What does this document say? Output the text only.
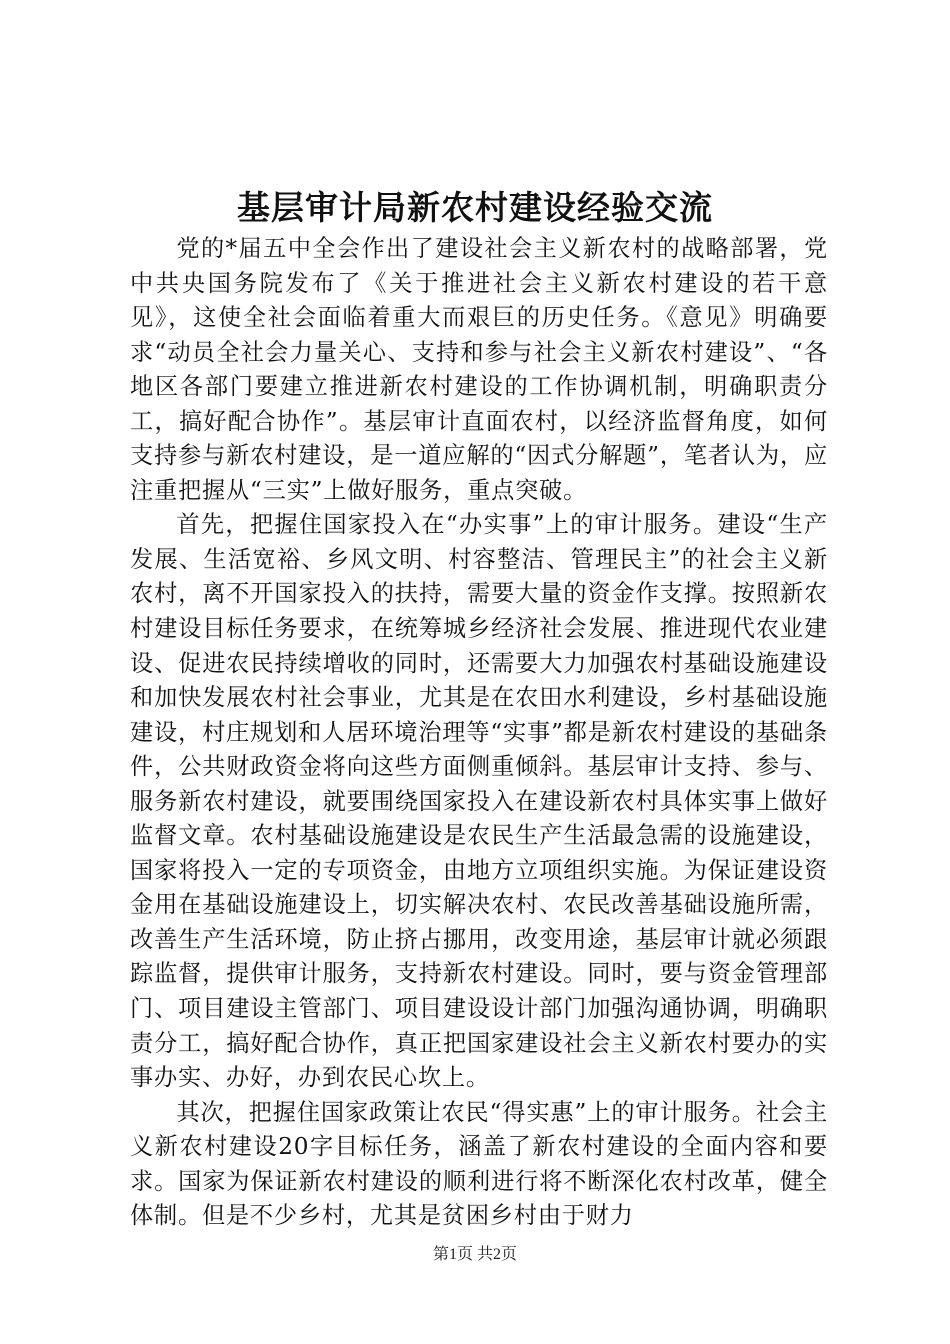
基层审计局新农村建设经验交流

党的*届五中全会作出了建设社会主义新农村的战略部署，党中共央国务院发布了《关于推进社会主义新农村建设的若干意见》，这使全社会面临着重大而艰巨的历史任务。《意见》明确要求“动员全社会力量关心、支持和参与社会主义新农村建设”、“各地区各部门要建立推进新农村建设的工作协调机制，明确职责分工，搞好配合协作”。基层审计直面农村，以经济监督角度，如何支持参与新农村建设，是一道应解的“因式分解题”，笔者认为，应注重把握从“三实”上做好服务，重点突破。

首先，把握住国家投入在“办实事”上的审计服务。建设“生产发展、生活宽裕、乡风文明、村容整洁、管理民主”的社会主义新农村，离不开国家投入的扶持，需要大量的资金作支撑。按照新农村建设目标任务要求，在统筹城乡经济社会发展、推进现代农业建设、促进农民持续增收的同时，还需要大力加强农村基础设施建设和加快发展农村社会事业，尤其是在农田水利建设，乡村基础设施建设，村庄规划和人居环境治理等“实事”都是新农村建设的基础条件，公共财政资金将向这些方面侧重倾斜。基层审计支持、参与、服务新农村建设，就要围绕国家投入在建设新农村具体实事上做好监督文章。农村基础设施建设是农民生产生活最急需的设施建设，国家将投入一定的专项资金，由地方立项组织实施。为保证建设资金用在基础设施建设上，切实解决农村、农民改善基础设施所需，改善生产生活环境，防止挤占挪用，改变用途，基层审计就必须跟踪监督，提供审计服务，支持新农村建设。同时，要与资金管理部门、项目建设主管部门、项目建设设计部门加强沟通协调，明确职责分工，搞好配合协作，真正把国家建设社会主义新农村要办的实事办实、办好，办到农民心坎上。

其次，把握住国家政策让农民“得实惠”上的审计服务。社会主义新农村建设20字目标任务，涵盖了新农村建设的全面内容和要求。国家为保证新农村建设的顺利进行将不断深化农村改革，健全体制。但是不少乡村，尤其是贫困乡村由于财力

第1页 共2页
